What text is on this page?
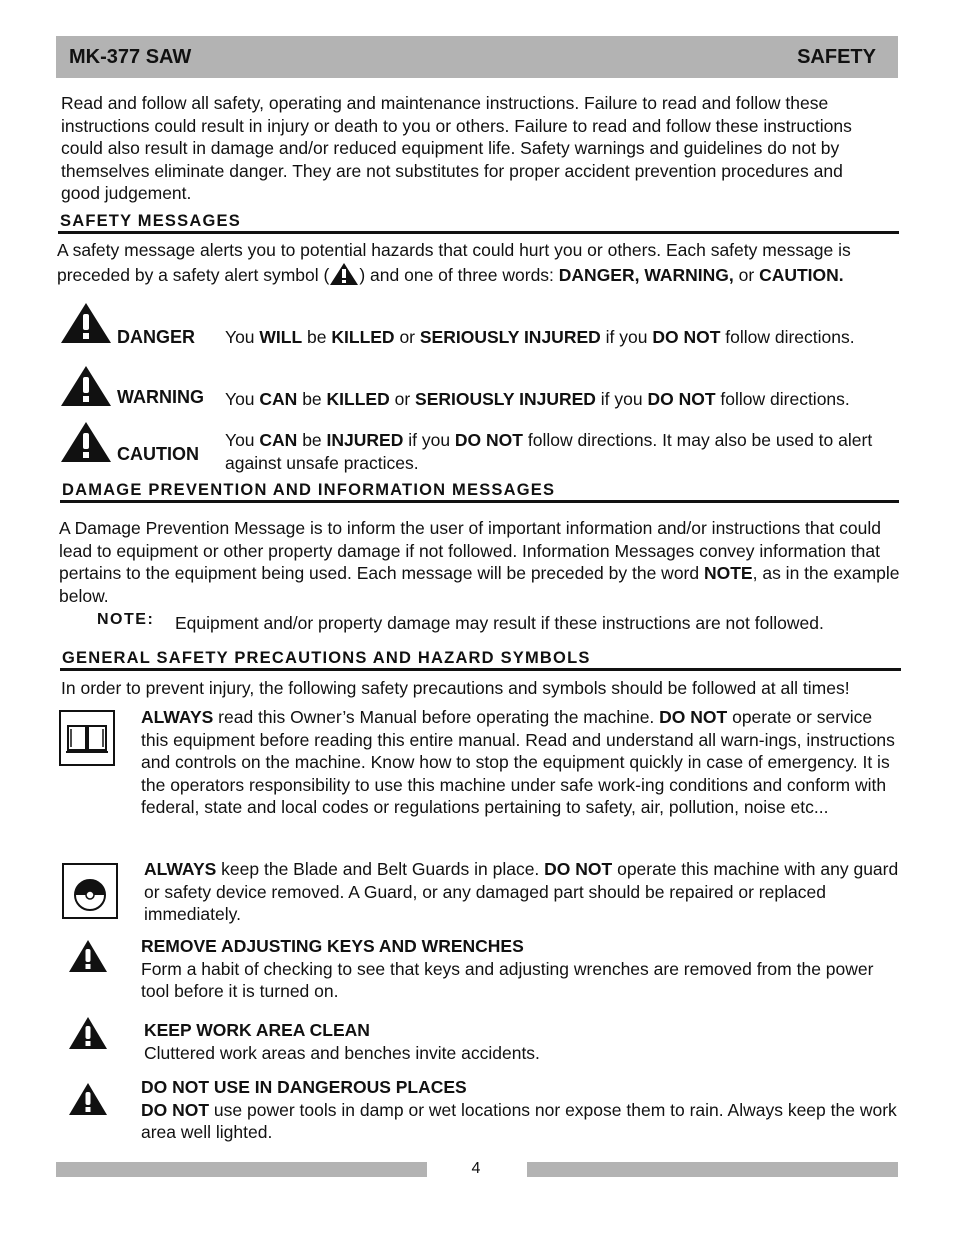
MK-377 SAW	SAFETY
Read and follow all safety, operating and maintenance instructions. Failure to read and follow these instructions could result in injury or death to you or others. Failure to read and follow these instructions could also result in damage and/or reduced equipment life. Safety warnings and guidelines do not by themselves eliminate danger. They are not substitutes for proper accident prevention procedures and good judgement.
SAFETY MESSAGES
A safety message alerts you to potential hazards that could hurt you or others. Each safety message is preceded by a safety alert symbol ( ) and one of three words: DANGER, WARNING, or CAUTION.
DANGER You WILL be KILLED or SERIOUSLY INJURED if you DO NOT follow directions.
WARNING You CAN be KILLED or SERIOUSLY INJURED if you DO NOT follow directions.
CAUTION
You CAN be INJURED if you DO NOT follow directions. It may also be used to alert against unsafe practices.
DAMAGE PREVENTION AND INFORMATION MESSAGES
A Damage Prevention Message is to inform the user of important information and/or instructions that could lead to equipment or other property damage if not followed. Information Messages convey information that pertains to the equipment being used. Each message will be preceded by the word NOTE, as in the example below.
NOTE: Equipment and/or property damage may result if these instructions are not followed.
GENERAL SAFETY PRECAUTIONS AND HAZARD SYMBOLS
In order to prevent injury, the following safety precautions and symbols should be followed at all times!
ALWAYS read this Owner’s Manual before operating the machine. DO NOT operate or service this equipment before reading this entire manual. Read and understand all warn-ings, instructions and controls on the machine. Know how to stop the equipment quickly in case of emergency. It is the operators responsibility to use this machine under safe work-ing conditions and conform with federal, state and local codes or regulations pertaining to safety, air, pollution, noise etc...
ALWAYS keep the Blade and Belt Guards in place. DO NOT operate this machine with any guard or safety device removed. A Guard, or any damaged part should be repaired or replaced immediately.
REMOVE ADJUSTING KEYS AND WRENCHES
Form a habit of checking to see that keys and adjusting wrenches are removed from the power tool before it is turned on.
KEEP WORK AREA CLEAN
Cluttered work areas and benches invite accidents.
DO NOT USE IN DANGEROUS PLACES
DO NOT use power tools in damp or wet locations nor expose them to rain. Always keep the work area well lighted.
4
